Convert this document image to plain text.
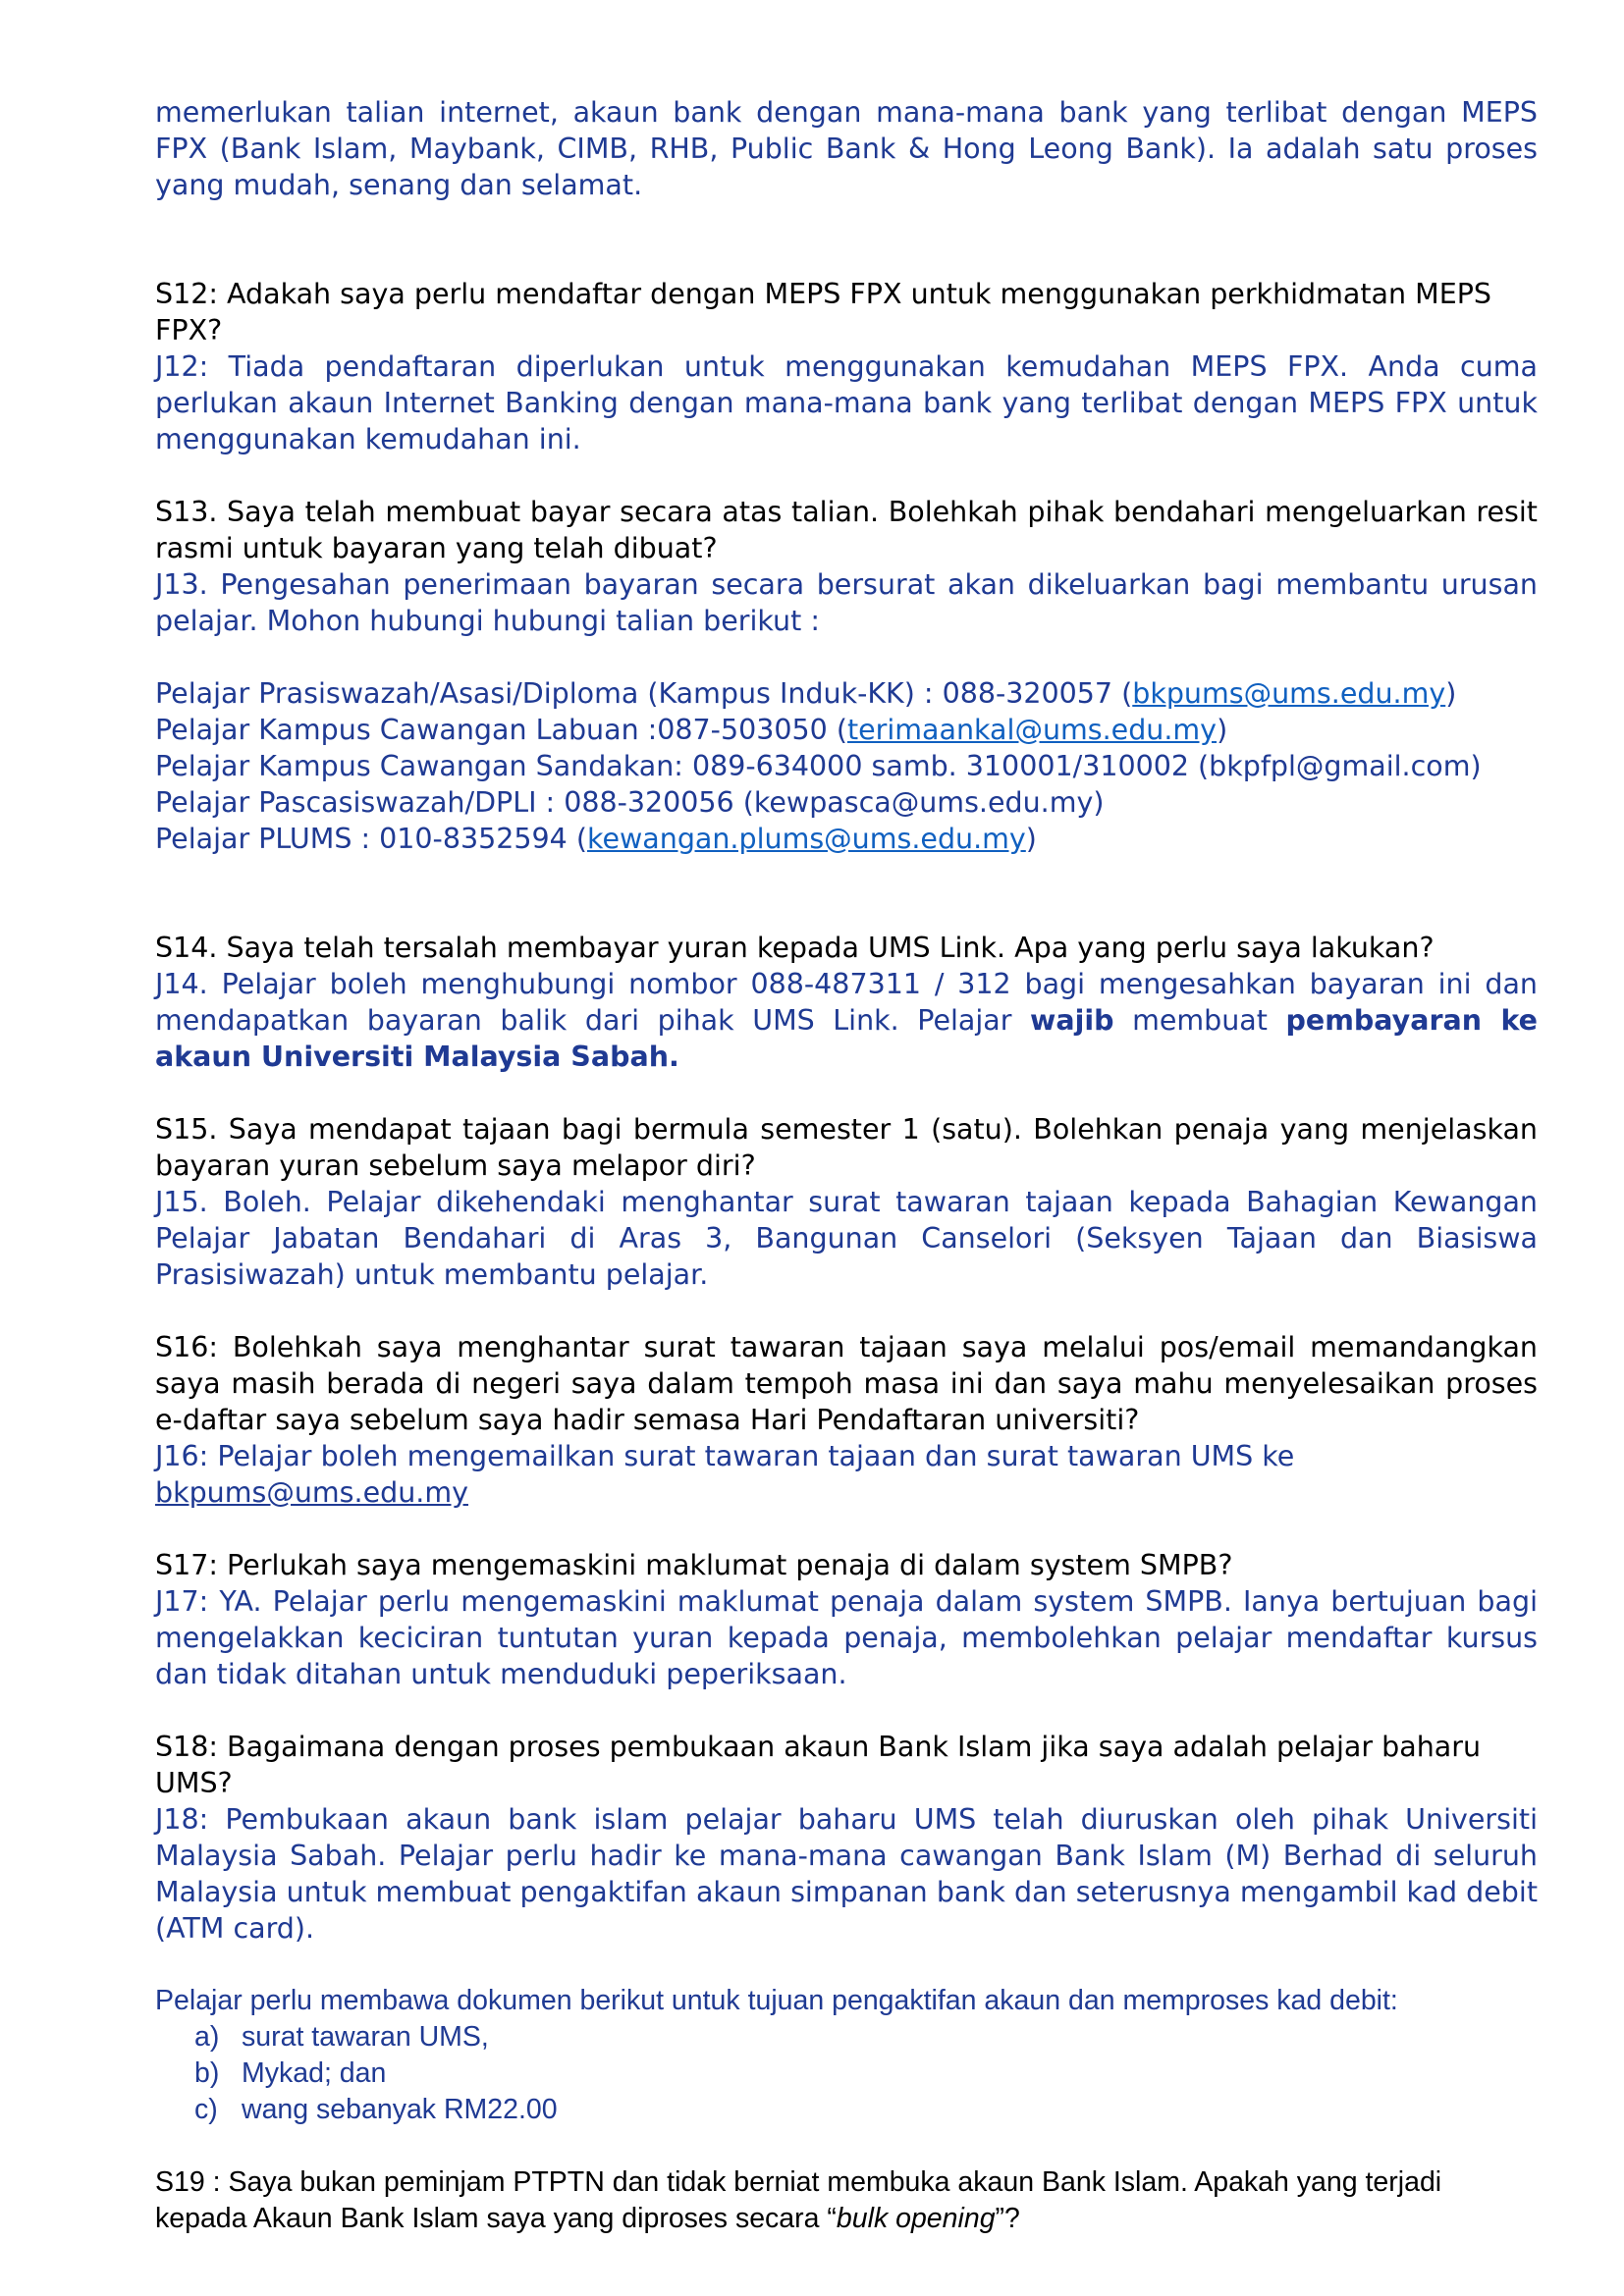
memerlukan talian internet, akaun bank dengan mana-mana bank yang terlibat dengan MEPS FPX (Bank Islam, Maybank, CIMB, RHB, Public Bank & Hong Leong Bank). Ia adalah satu proses yang mudah, senang dan selamat.

S12: Adakah saya perlu mendaftar dengan MEPS FPX untuk menggunakan perkhidmatan MEPS FPX?

J12: Tiada pendaftaran diperlukan untuk menggunakan kemudahan MEPS FPX. Anda cuma perlukan akaun Internet Banking dengan mana-mana bank yang terlibat dengan MEPS FPX untuk menggunakan kemudahan ini.

S13. Saya telah membuat bayar secara atas talian. Bolehkah pihak bendahari mengeluarkan resit rasmi untuk bayaran yang telah dibuat?

J13. Pengesahan penerimaan bayaran secara bersurat akan dikeluarkan bagi membantu urusan pelajar. Mohon hubungi hubungi talian berikut :

Pelajar Prasiswazah/Asasi/Diploma (Kampus Induk-KK) : 088-320057 (bkpums@ums.edu.my)

Pelajar Kampus Cawangan Labuan :087-503050 (terimaankal@ums.edu.my)

Pelajar Kampus Cawangan Sandakan: 089-634000 samb. 310001/310002 (bkpfpl@gmail.com)

Pelajar Pascasiswazah/DPLI : 088-320056 (kewpasca@ums.edu.my)

Pelajar PLUMS : 010-8352594 (kewangan.plums@ums.edu.my)

S14. Saya telah tersalah membayar yuran kepada UMS Link. Apa yang perlu saya lakukan?

J14. Pelajar boleh menghubungi nombor 088-487311 / 312 bagi mengesahkan bayaran ini dan mendapatkan bayaran balik dari pihak UMS Link. Pelajar wajib membuat pembayaran ke akaun Universiti Malaysia Sabah.

S15. Saya mendapat tajaan bagi bermula semester 1 (satu). Bolehkan penaja yang menjelaskan bayaran yuran sebelum saya melapor diri?

J15. Boleh. Pelajar dikehendaki menghantar surat tawaran tajaan kepada Bahagian Kewangan Pelajar Jabatan Bendahari di Aras 3, Bangunan Canselori (Seksyen Tajaan dan Biasiswa Prasisiwazah) untuk membantu pelajar.

S16: Bolehkah saya menghantar surat tawaran tajaan saya melalui pos/email memandangkan saya masih berada di negeri saya dalam tempoh masa ini dan saya mahu menyelesaikan proses e-daftar saya sebelum saya hadir semasa Hari Pendaftaran universiti?

J16: Pelajar boleh mengemailkan surat tawaran tajaan dan surat tawaran UMS ke bkpums@ums.edu.my

S17: Perlukah saya mengemaskini maklumat penaja di dalam system SMPB?

J17: YA. Pelajar perlu mengemaskini maklumat penaja dalam system SMPB. Ianya bertujuan bagi mengelakkan keciciran tuntutan yuran kepada penaja, membolehkan pelajar mendaftar kursus dan tidak ditahan untuk menduduki peperiksaan.

S18: Bagaimana dengan proses pembukaan akaun Bank Islam jika saya adalah pelajar baharu UMS?

J18: Pembukaan akaun bank islam pelajar baharu UMS telah diuruskan oleh pihak Universiti Malaysia Sabah. Pelajar perlu hadir ke mana-mana cawangan Bank Islam (M) Berhad di seluruh Malaysia untuk membuat pengaktifan akaun simpanan bank dan seterusnya mengambil kad debit (ATM card).

Pelajar perlu membawa dokumen berikut untuk tujuan pengaktifan akaun dan memproses kad debit:

a) surat tawaran UMS,
b) Mykad; dan
c) wang sebanyak RM22.00

S19 : Saya bukan peminjam PTPTN dan tidak berniat membuka akaun Bank Islam. Apakah yang terjadi kepada Akaun Bank Islam saya yang diproses secara “bulk opening”?
